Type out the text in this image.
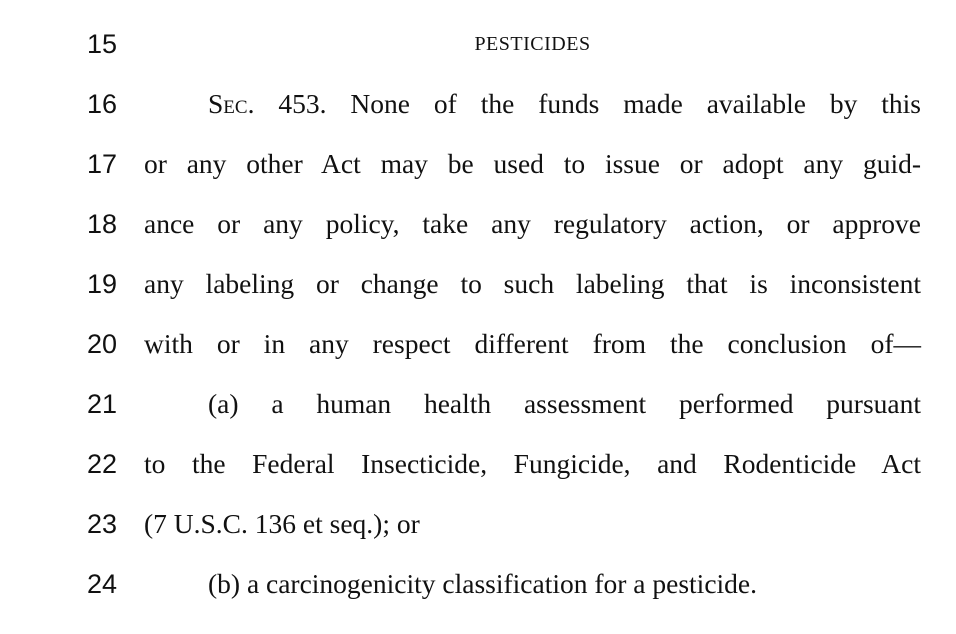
15	PESTICIDES
16	Sec. 453. None of the funds made available by this
17 or any other Act may be used to issue or adopt any guid-
18 ance or any policy, take any regulatory action, or approve
19 any labeling or change to such labeling that is inconsistent
20 with or in any respect different from the conclusion of—
21	(a) a human health assessment performed pursuant
22 to the Federal Insecticide, Fungicide, and Rodenticide Act
23 (7 U.S.C. 136 et seq.); or
24	(b) a carcinogenicity classification for a pesticide.
